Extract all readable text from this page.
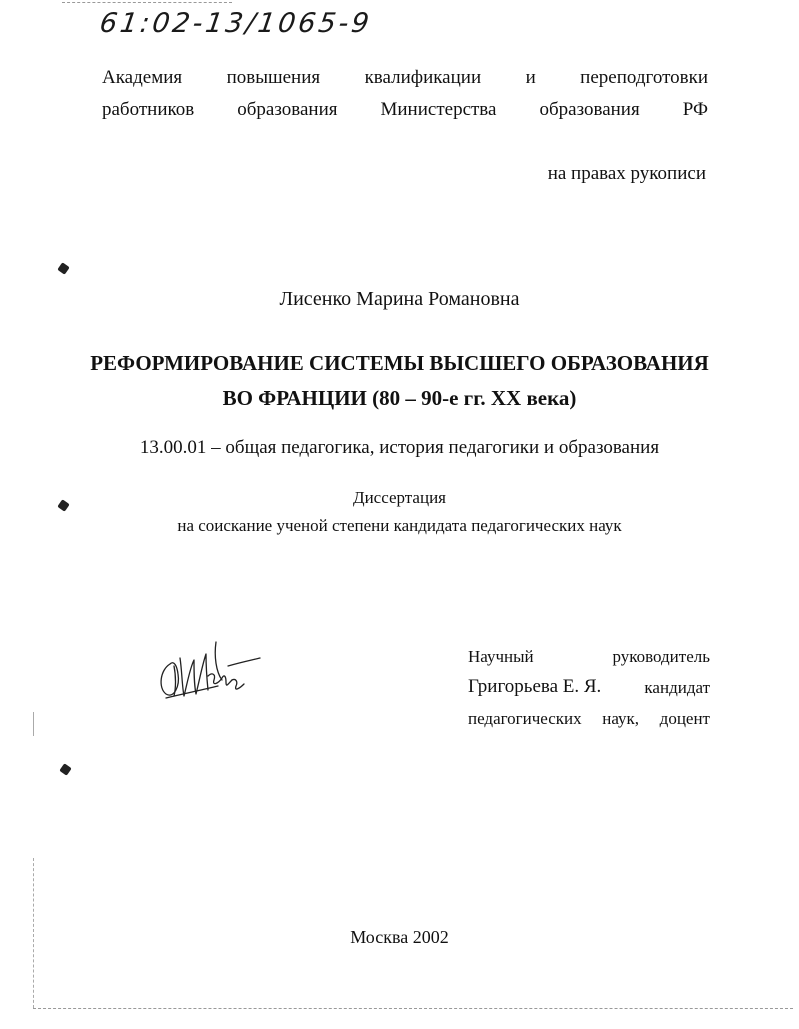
61:02-13/1065-9
Академия повышения квалификации и переподготовки
работников образования Министерства образования РФ
на правах рукописи
Лисенко Марина Романовна
РЕФОРМИРОВАНИЕ СИСТЕМЫ ВЫСШЕГО ОБРАЗОВАНИЯ
ВО ФРАНЦИИ (80 – 90-е гг. XX века)
13.00.01 – общая педагогика, история педагогики и образования
Диссертация
на соискание ученой степени кандидата педагогических наук
Научный	руководитель
Григорьева Е. Я.	кандидат
педагогических наук, доцент
Москва 2002
